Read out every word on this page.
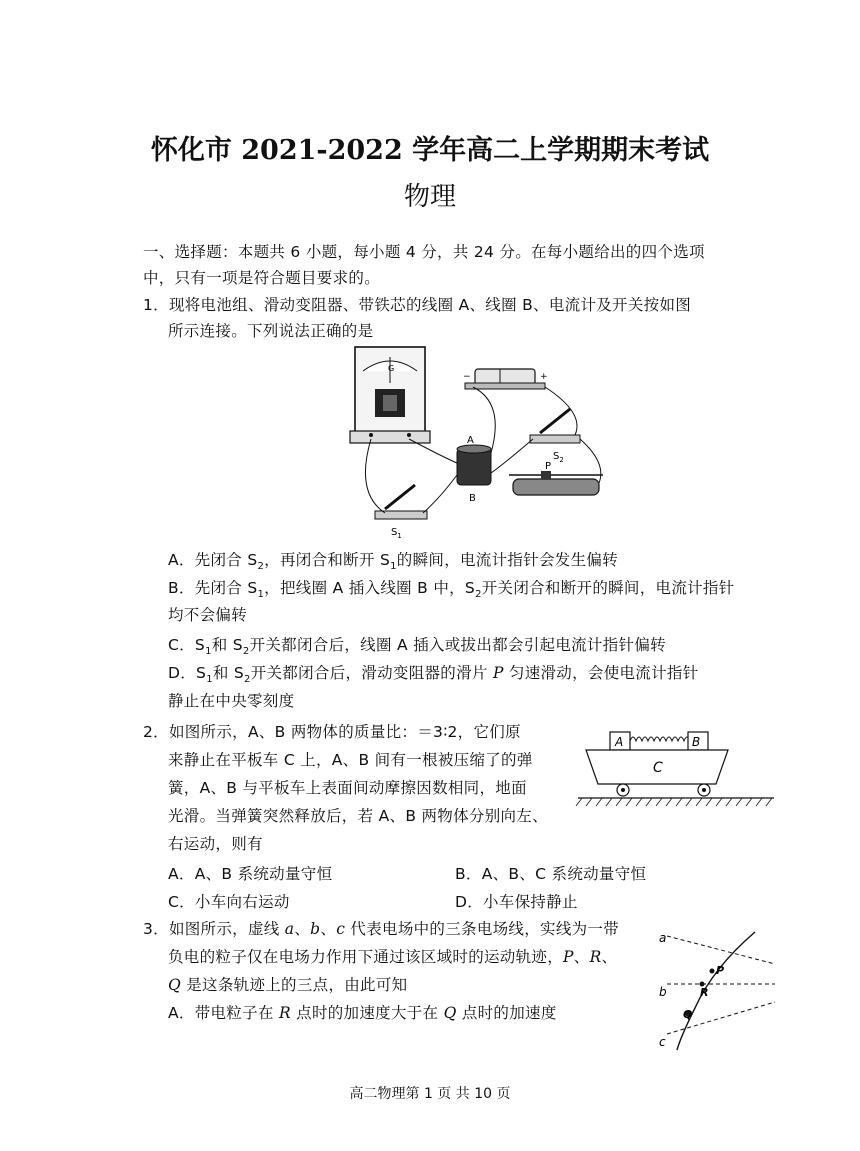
怀化市 2021-2022 学年高二上学期期末考试
物理
一、选择题：本题共 6 小题，每小题 4 分，共 24 分。在每小题给出的四个选项
中，只有一项是符合题目要求的。
1．现将电池组、滑动变阻器、带铁芯的线圈 A、线圈 B、电流计及开关按如图
所示连接。下列说法正确的是
G
−	+
$S_2$
A
B
P
$S_1$
A．先闭合 $S_2$，再闭合和断开 $S_1$的瞬间，电流计指针会发生偏转
B．先闭合 $S_1$，把线圈 A 插入线圈 B 中，$S_2$开关闭合和断开的瞬间，电流计指针
均不会偏转
C．$S_1$和 $S_2$开关都闭合后，线圈 A 插入或拔出都会引起电流计指针偏转
D．$S_1$和 $S_2$开关都闭合后，滑动变阻器的滑片 P 匀速滑动，会使电流计指针
静止在中央零刻度
2．如图所示，A、B 两物体的质量比：＝3∶2，它们原
来静止在平板车 C 上，A、B 间有一根被压缩了的弹
簧，A、B 与平板车上表面间动摩擦因数相同，地面
光滑。当弹簧突然释放后，若 A、B 两物体分别向左、
右运动，则有
A	B
C
A．A、B 系统动量守恒	B．A、B、C 系统动量守恒
C．小车向右运动	D．小车保持静止
3．如图所示，虚线 a、b、c 代表电场中的三条电场线，实线为一带
负电的粒子仅在电场力作用下通过该区域时的运动轨迹，P、R、
Q 是这条轨迹上的三点，由此可知
A．带电粒子在 R 点时的加速度大于在 Q 点时的加速度
a
b
c
P
R
Q
高二物理第 1 页 共 10 页
